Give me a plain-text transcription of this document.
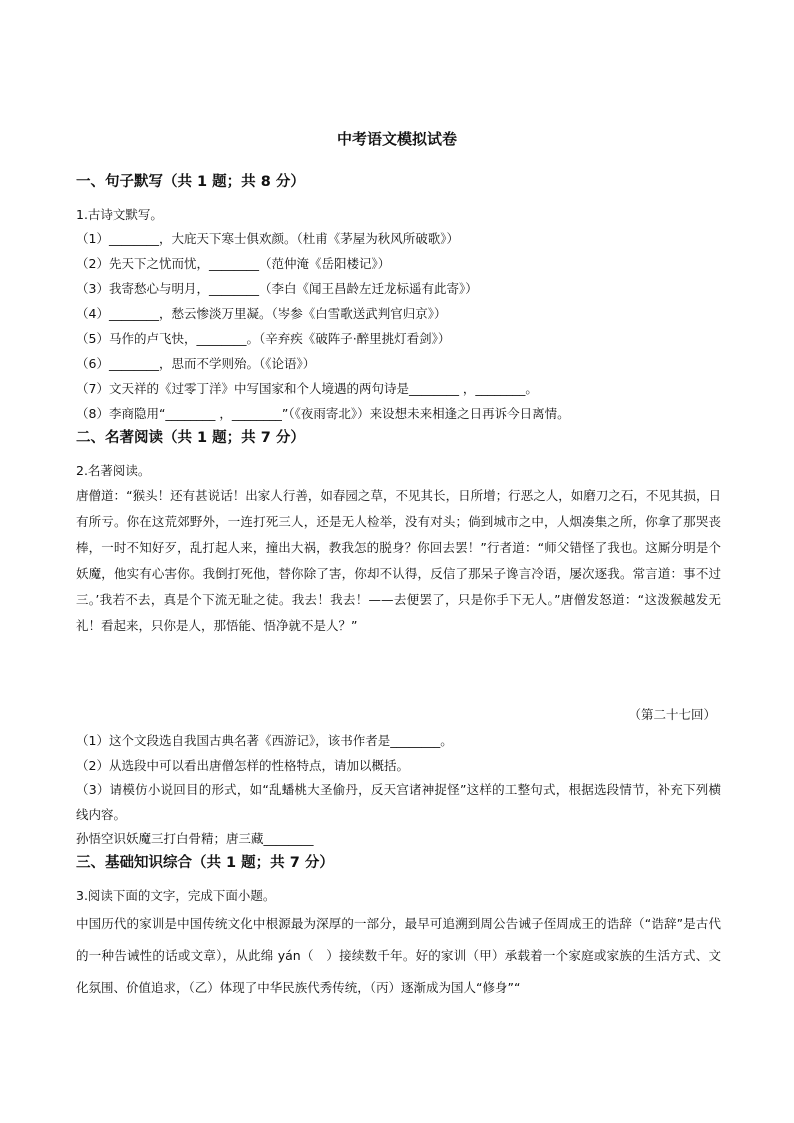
中考语文模拟试卷
一、句子默写（共 1 题；共 8 分）
1.古诗文默写。
（1）________，大庇天下寒士俱欢颜。（杜甫《茅屋为秋风所破歌》）
（2）先天下之忧而忧，________（范仲淹《岳阳楼记》）
（3）我寄愁心与明月，________（李白《闻王昌龄左迁龙标遥有此寄》）
（4）________，愁云惨淡万里凝。（岑参《白雪歌送武判官归京》）
（5）马作的卢飞快，________。（辛弃疾《破阵子·醉里挑灯看剑》）
（6）________，思而不学则殆。（《论语》）
（7）文天祥的《过零丁洋》中写国家和个人境遇的两句诗是________ ，________。
（8）李商隐用“________ ，________”（《夜雨寄北》）来设想未来相逢之日再诉今日离情。
二、名著阅读（共 1 题；共 7 分）
2.名著阅读。
唐僧道：“猴头！还有甚说话！出家人行善，如春园之草，不见其长，日所增；行恶之人，如磨刀之石，不见其损，日有所亏。你在这荒郊野外，一连打死三人，还是无人检举，没有对头；倘到城市之中，人烟凑集之所，你拿了那哭丧棒，一时不知好歹，乱打起人来，撞出大祸，教我怎的脱身？你回去罢！”行者道：“师父错怪了我也。这厮分明是个妖魔，他实有心害你。我倒打死他，替你除了害，你却不认得，反信了那呆子谗言冷语，屡次逐我。常言道：事不过三。’我若不去，真是个下流无耻之徒。我去！我去！——去便罢了，只是你手下无人。”唐僧发怒道：“这泼猴越发无礼！看起来，只你是人，那悟能、悟净就不是人？”
（第二十七回）
（1）这个文段选自我国古典名著《西游记》，该书作者是________。
（2）从选段中可以看出唐僧怎样的性格特点，请加以概括。
（3）请模仿小说回目的形式，如“乱蟠桃大圣偷丹，反天宫诸神捉怪”这样的工整句式，根据选段情节，补充下列横线内容。
孙悟空识妖魔三打白骨精；唐三藏________
三、基础知识综合（共 1 题；共 7 分）
3.阅读下面的文字，完成下面小题。
中国历代的家训是中国传统文化中根源最为深厚的一部分，最早可追溯到周公告诫子侄周成王的诰辞（“诰辞”是古代的一种告诫性的话或文章），从此绵 yán（　）接续数千年。好的家训（甲）承载着一个家庭或家族的生活方式、文化氛围、价值追求，（乙）体现了中华民族代秀传统，（丙）逐渐成为国人“修身”“
